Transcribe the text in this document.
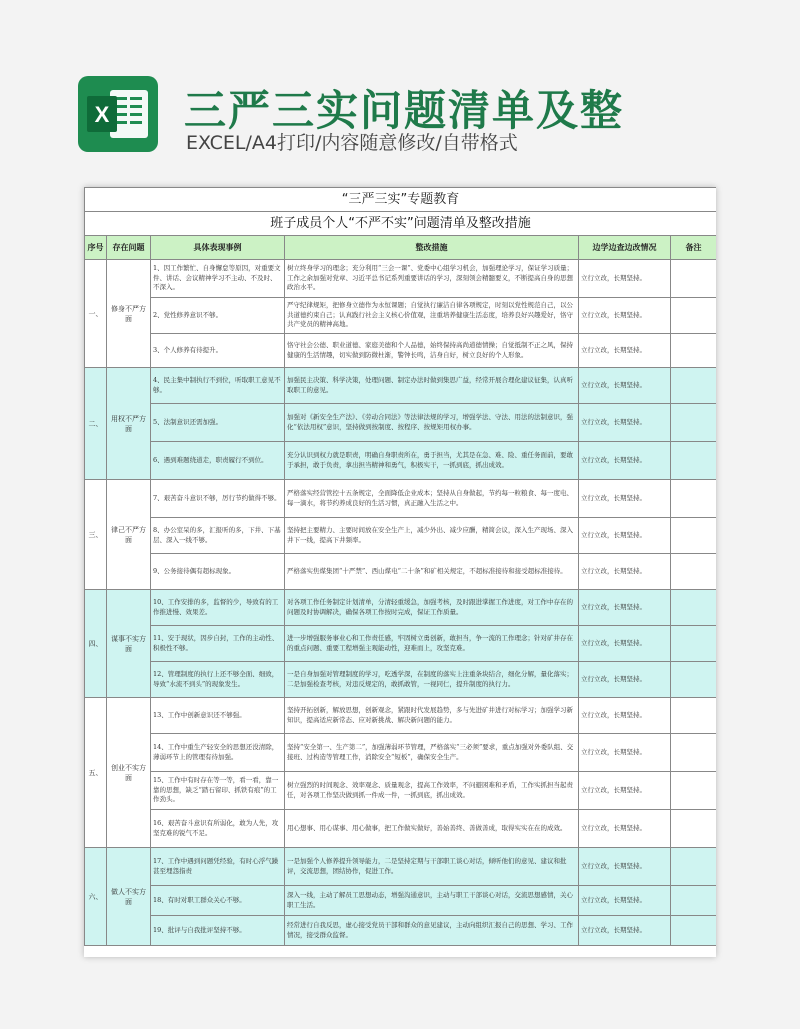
X 三严三实问题清单及整
EXCEL/A4打印/内容随意修改/自带格式
“三严三实”专题教育					
班子成员个人“不严不实”问题清单及整改措施					
序号	存在问题	具体表现事例	整改措施	边学边查边改情况	备注
一、	修身不严方面	1、因工作繁忙、自身懈怠等原因，对重要文件、讲话、会议精神学习不主动、不及时、不深入。	树立终身学习的理念；充分利用“三会一课”、党委中心组学习机会，加强理论学习，保证学习质量；工作之余加强对党章、习近平总书记系列重要讲话的学习，深刻领会精髓要义，不断提高自身的思想政治水平。	立行立改，长期坚持。	
		2、党性修养意识不够。	严守纪律规矩，把修身立德作为永恒课题；自觉执行廉洁自律各项规定，时刻以党性规范自己，以公共道德约束自己；认真践行社会主义核心价值观，注重培养健康生活态度，培养良好兴趣爱好，恪守共产党员的精神高地。	立行立改，长期坚持。	
		3、个人修养有待提升。	恪守社会公德、职业道德、家庭美德和个人品德，始终保持高尚道德情操；自觉抵制不正之风，保持健康的生活情趣，切实做到防微杜渐，警钟长鸣，洁身自好，树立良好的个人形象。	立行立改，长期坚持。	
二、	用权不严方面	4、民主集中制执行不到位，听取职工意见不够。	加强民主决策、科学决策，处理问题、制定办法时做到集思广益，经常开展合理化建议征集，认真听取职工的意见。	立行立改，长期坚持。	
		5、法制意识还需加强。	加强对《新安全生产法》、《劳动合同法》等法律法规的学习，增强学法、守法、用法的法制意识，强化“依法用权”意识，坚持做到按制度、按程序、按规矩用权办事。	立行立改，长期坚持。	
		6、遇到难题绕道走，职责履行不到位。	充分认识到权力就是职责，明确自身职责所在，勇于担当，尤其是在急、难、险、重任务面前，要敢于承担，敢于负责，拿出担当精神和勇气，积极实干，一抓到底，抓出成效。	立行立改，长期坚持。	
三、	律己不严方面	7、艰苦奋斗意识不够，厉行节约做得不够。	严格落实经营管控十五条规定，全面降低企业成本；坚持从自身做起，节约每一粒粮食、每一度电、每一滴水，将节约养成良好的生活习惯，真正融入生活之中。	立行立改，长期坚持。	
		8、办公室呆的多，汇报听的多，下井、下基层、深入一线不够。	坚持把主要精力、主要时间放在安全生产上，减少外出、减少应酬，精简会议，深入生产现场、深入井下一线，提高下井频率。	立行立改，长期坚持。	
		9、公务接待偶有超标现象。	严格落实焦煤集团“十严禁”、西山煤电“二十条”和矿相关规定，不超标准接待和接受超标准接待。	立行立改，长期坚持。	
四、	谋事不实方面	10、工作安排的多，监督的少，导致有的工作推进慢、效果差。	对各项工作任务制定计划清单，分清轻重缓急，加强考核，及时跟进掌握工作进度，对工作中存在的问题及时协调解决，确保各项工作按时完成，保证工作质量。	立行立改，长期坚持。	
		11、安于现状，因步自封，工作的主动性、积极性不够。	进一步增强服务事业心和工作责任感，牢固树立勇创新，敢担当，争一流的工作理念；针对矿井存在的重点问题、重要工程增强主观能动性，迎难而上，攻坚克难。	立行立改，长期坚持。	
		12、管理制度的执行上还不够全面、细致，导致“水流不到头”的现象发生。	一是自身加强对管理制度的学习，吃透学深，在制度的落实上注重条块结合，细化分解，量化落实；二是加强检查考核，对违反规定的，敢抓敢管，一视同仁，提升制度的执行力。	立行立改，长期坚持。	
五、	创业不实方面	13、工作中创新意识还不够强。	坚持开拓创新，解放思想，创新观念，紧跟时代发展趋势，多与先进矿井进行对标学习；加强学习新知识，提高适应新常态、应对新挑战、解决新问题的能力。	立行立改，长期坚持。	
		14、工作中重生产轻安全的思想还没清除，薄弱环节上的管理有待加强。	坚持“安全第一、生产第二”，加强薄弱环节管理，严格落实“三必须”要求，重点加强对外委队组、交接班、过构造等管理工作，消除安全“短板”，确保安全生产。	立行立改，长期坚持。	
		15、工作中有时存在等一等，看一看，靠一靠的思想，缺乏“踏石留印、抓铁有痕”的工作劲头。	树立强烈的时间观念、效率观念、质量观念，提高工作效率，不问避困难和矛盾，工作实抓担当起责任，对各项工作坚决做到抓一件成一件，一抓到底，抓出成效。	立行立改，长期坚持。	
		16、艰苦奋斗意识有所弱化，敢为人先，攻坚克难的锐气不足。	用心想事、用心谋事、用心做事，把工作做实做好，善始善终、善做善成，取得实实在在的成效。	立行立改，长期坚持。	
六、	做人不实方面	17、工作中遇到问题凭经验，有时心浮气躁甚至埋怨指责	一是加强个人修养提升领导能力，二是坚持定期与干部职工谈心对话，倾听他们的意见、建议和批评，交流思想，团结协作，促进工作。	立行立改，长期坚持。	
		18、有时对职工群众关心不够。	深入一线，主动了解员工思想动态，增强沟通意识，主动与职工干部谈心对话，交流思想感情，关心职工生活。	立行立改，长期坚持。	
		19、批评与自我批评坚持不够。	经常进行自我反思，虚心接受党员干部和群众的意见建议，主动向组织汇报自己的思想、学习、工作情况，接受群众监督。	立行立改，长期坚持。	
